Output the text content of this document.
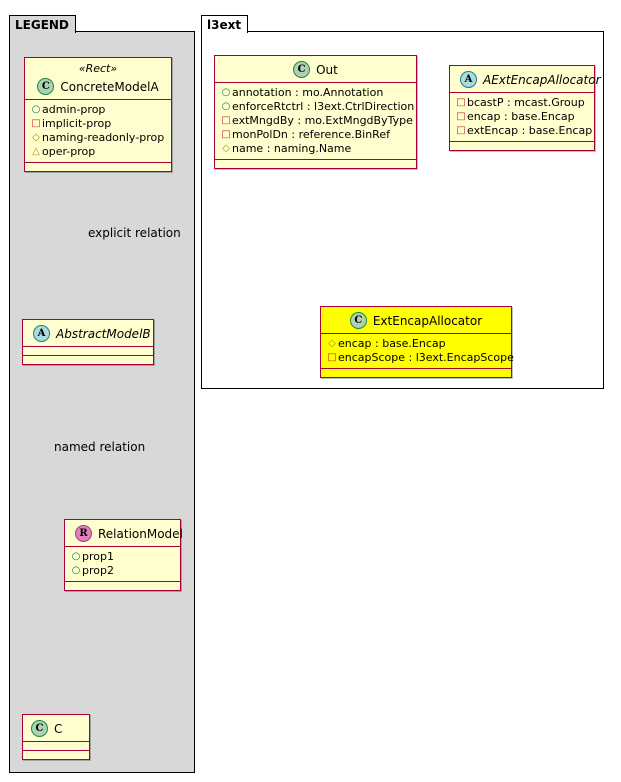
LEGEND	l3ext
«Rect»
C ConcreteModelA
○ admin-prop
□implicit-prop
◇ naming-readonly-prop
△ oper-prop
A AbstractModelB
R RelationModel
○ prop1
○ prop2
C C
C Out
○ annotation : mo.Annotation
○ enforceRtctrl : l3ext.CtrlDirection
□extMngdBy : mo.ExtMngdByType
□monPolDn : reference.BinRef
◇ name : naming.Name
A AExtEncapAllocator
□bcastP : mcast.Group
□encap : base.Encap
□extEncap : base.Encap
C ExtEncapAllocator
◇ encap : base.Encap
□encapScope : l3ext.EncapScope
explicit relation
named relation
